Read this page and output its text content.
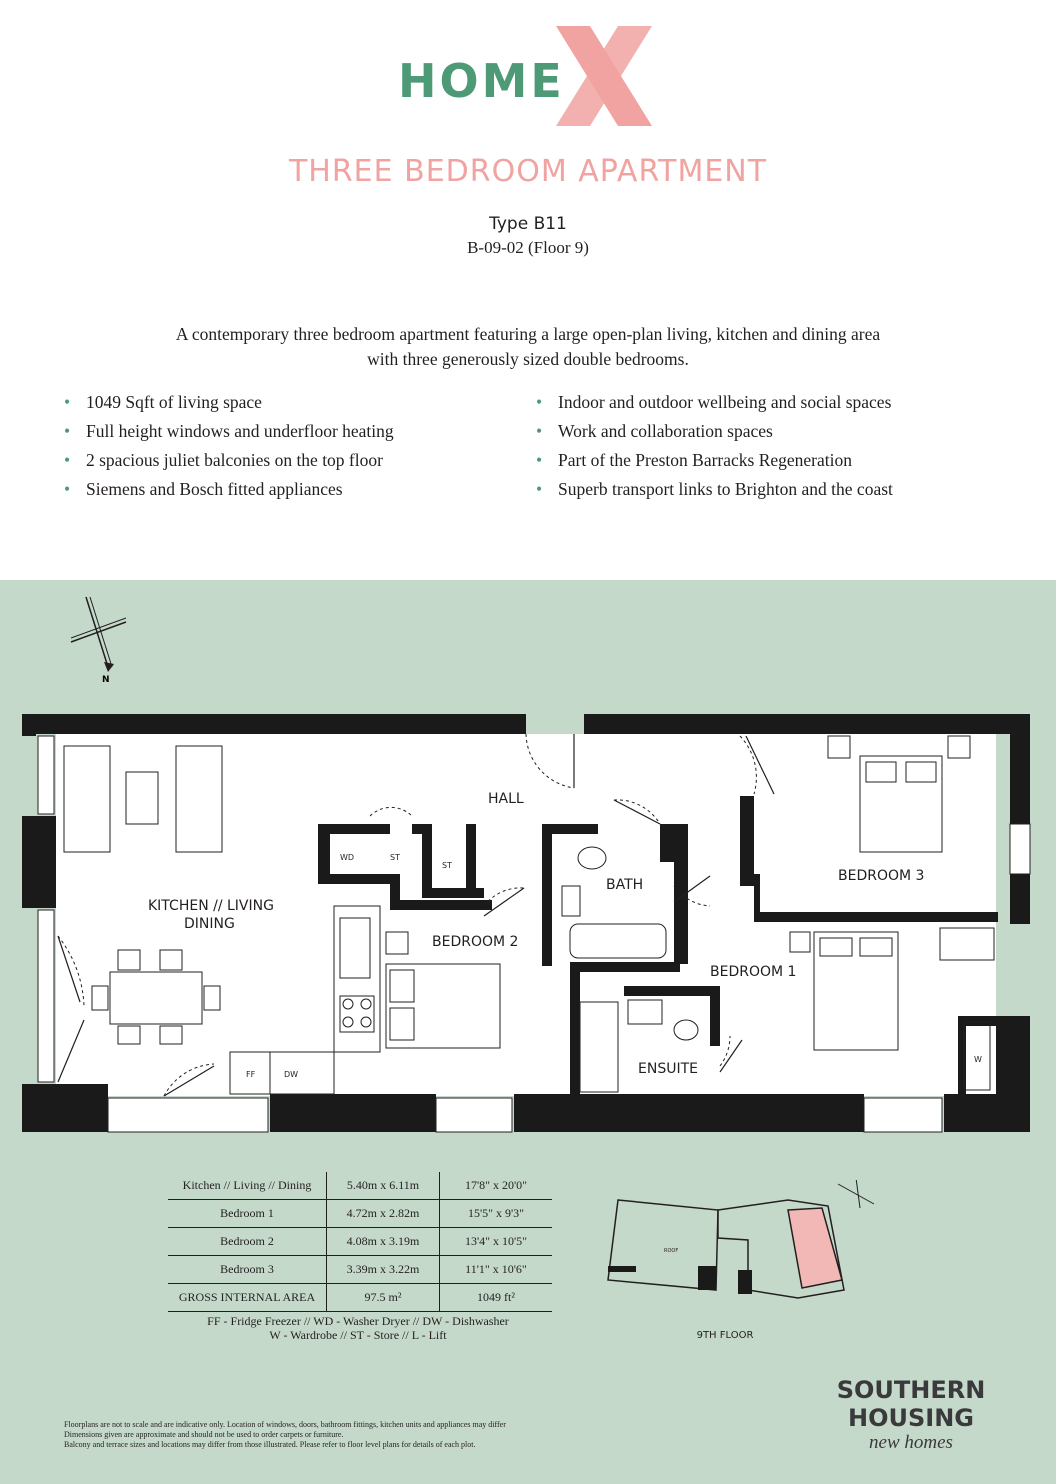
HOME
THREE BEDROOM APARTMENT
Type B11
B-09-02 (Floor 9)
A contemporary three bedroom apartment featuring a large open-plan living, kitchen and dining area with three generously sized double bedrooms.
• 1049 Sqft of living space
• Full height windows and underfloor heating
• 2 spacious juliet balconies on the top floor
• Siemens and Bosch fitted appliances
• Indoor and outdoor wellbeing and social spaces
• Work and collaboration spaces
• Part of the Preston Barracks Regeneration
• Superb transport links to Brighton and the coast
N
HALL
KITCHEN // LIVING
DINING
BEDROOM 2
BATH
BEDROOM 1
BEDROOM 3
ENSUITE
WD	ST
ST
FF	DW
W
Kitchen // Living // Dining	5.40m x 6.11m	17'8" x 20'0"
Bedroom 1	4.72m x 2.82m	15'5" x 9'3"
Bedroom 2	4.08m x 3.19m	13'4" x 10'5"
Bedroom 3	3.39m x 3.22m	11'1" x 10'6"
GROSS INTERNAL AREA	97.5 m²	1049 ft²
FF - Fridge Freezer // WD - Washer Dryer // DW - Dishwasher
W - Wardrobe // ST - Store // L - Lift
ROOF
9TH FLOOR
SOUTHERN
HOUSING
new homes
Floorplans are not to scale and are indicative only. Location of windows, doors, bathroom fittings, kitchen units and appliances may differ
Dimensions given are approximate and should not be used to order carpets or furniture.
Balcony and terrace sizes and locations may differ from those illustrated. Please refer to floor level plans for details of each plot.
